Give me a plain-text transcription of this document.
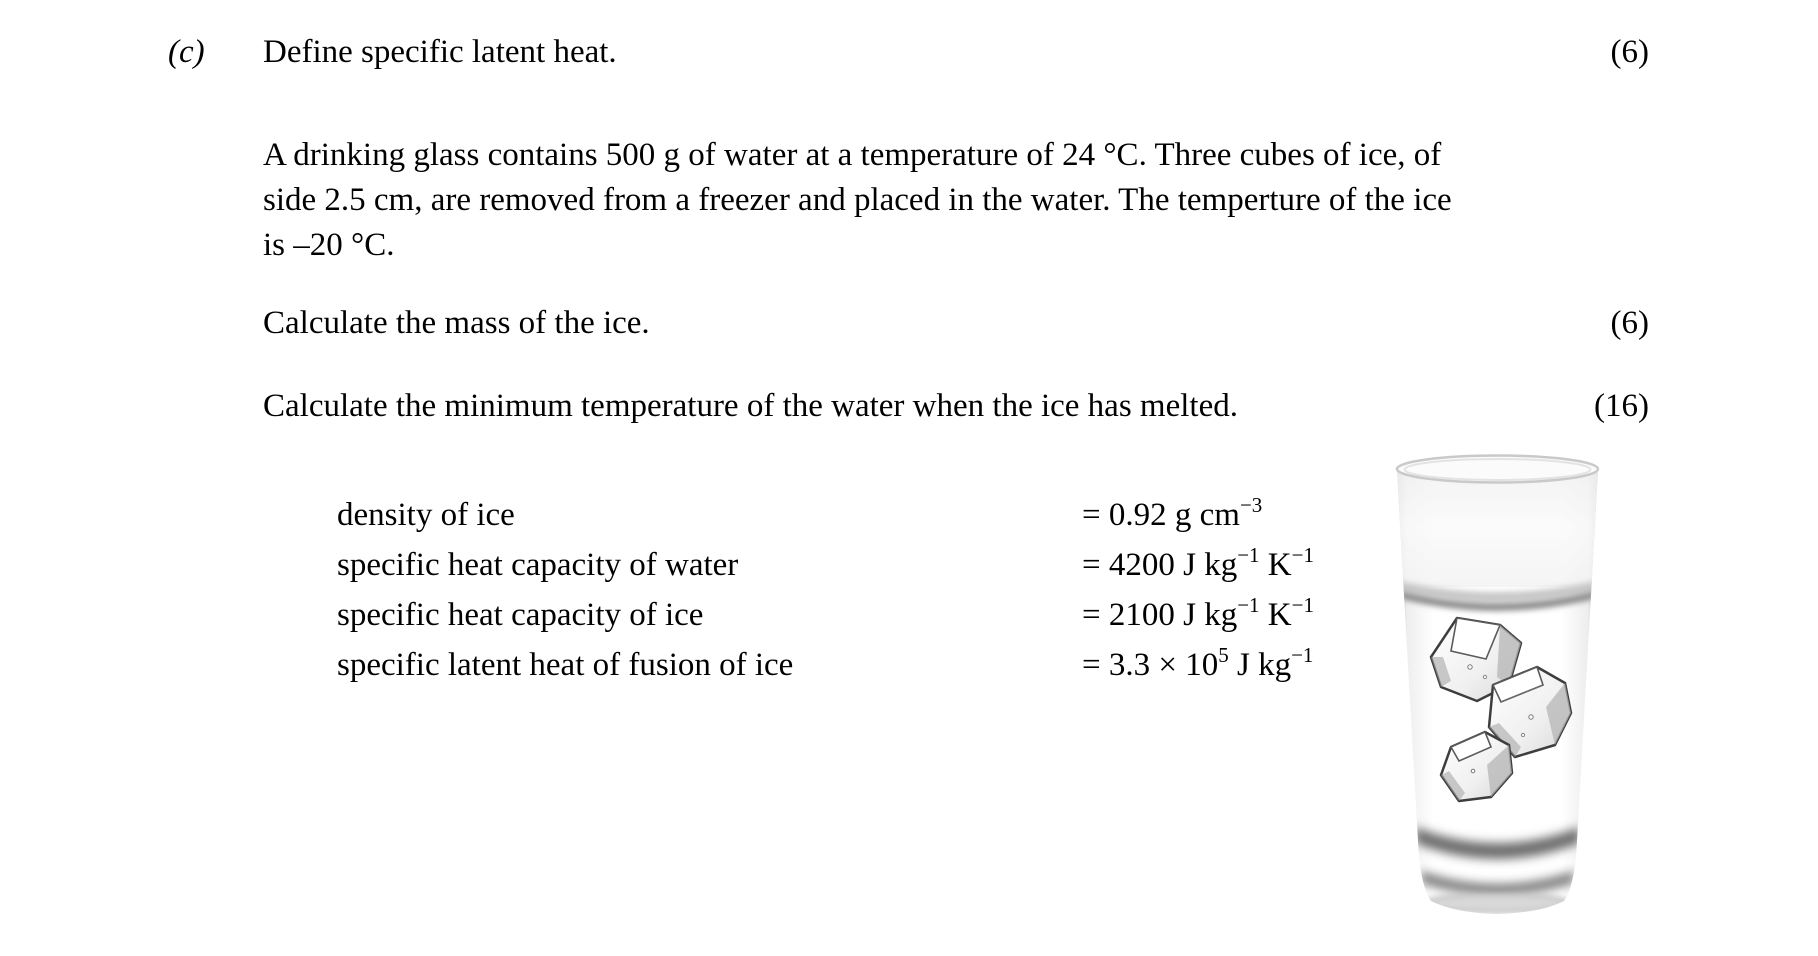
(c) Define specific latent heat.	(6)
A drinking glass contains 500 g of water at a temperature of 24 °C. Three cubes of ice, of
side 2.5 cm, are removed from a freezer and placed in the water. The temperture of the ice
is –20 °C.
Calculate the mass of the ice.	(6)
Calculate the minimum temperature of the water when the ice has melted.	(16)
density of ice	= 0.92 g $cm^{-3}$
specific heat capacity of water	= 4200 J $kg^{-1}$ $K^{-1}$
specific heat capacity of ice	= 2100 J $kg^{-1}$ $K^{-1}$
specific latent heat of fusion of ice	= $3.3 \times 10^5$ J $kg^{-1}$
